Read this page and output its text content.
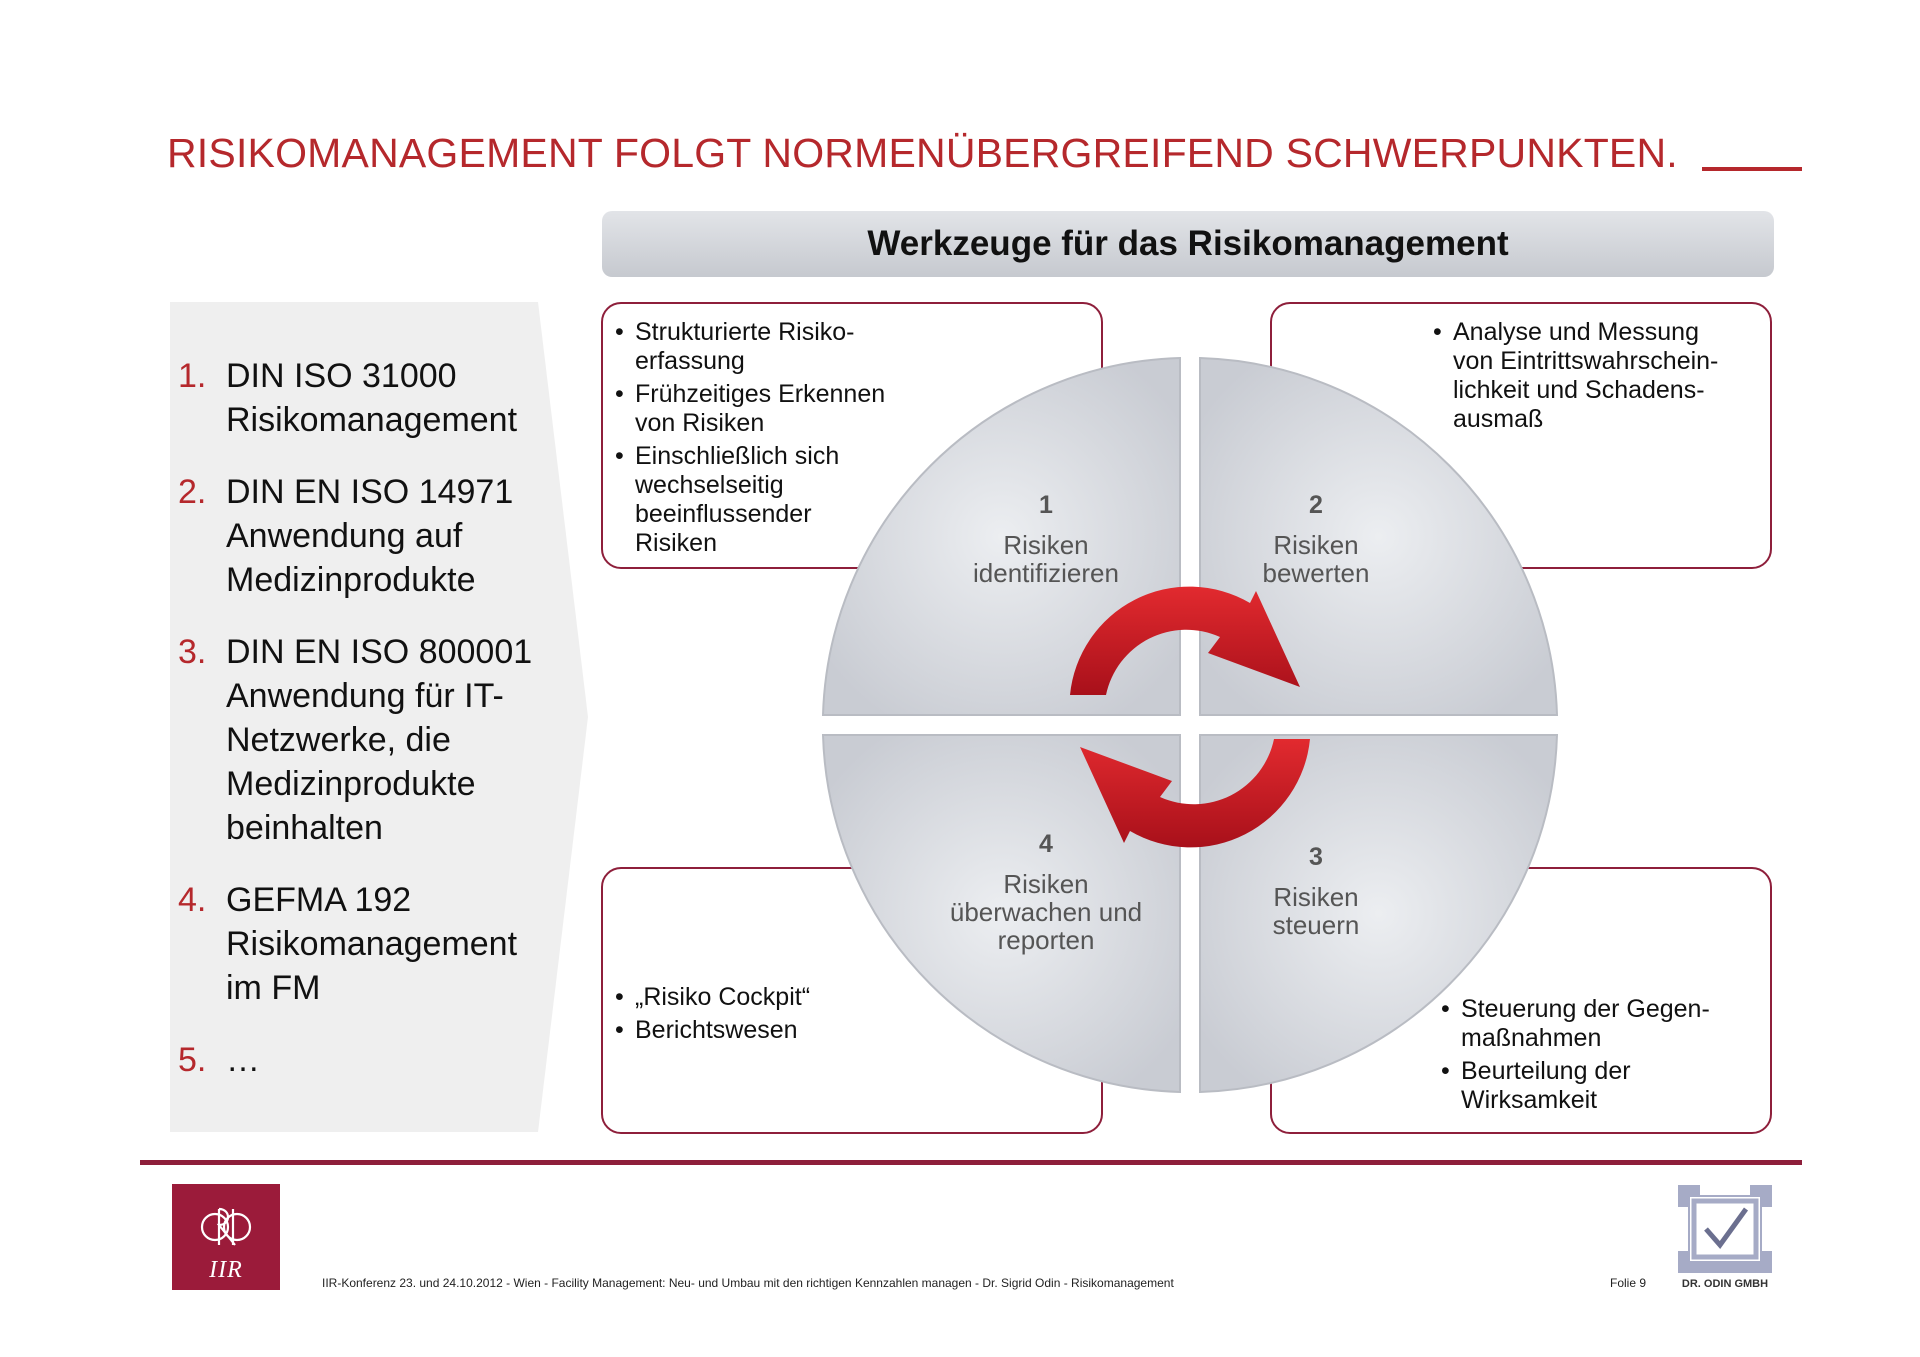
RISIKOMANAGEMENT FOLGT NORMENÜBERGREIFEND SCHWERPUNKTEN.
Werkzeuge für das Risikomanagement
1. DIN ISO 31000
Risikomanagement
2. DIN EN ISO 14971
Anwendung auf
Medizinprodukte
3. DIN EN ISO 800001
Anwendung für IT-
Netzwerke, die
Medizinprodukte
beinhalten
4. GEFMA 192
Risikomanagement
im FM
5. …
1
Risiken
identifizieren
2
Risiken
bewerten
3
Risiken
steuern
4
Risiken
überwachen und
reporten
• Strukturierte Risiko-
erfassung
• Frühzeitiges Erkennen
von Risiken
• Einschließlich sich
wechselseitig
beeinflussender
Risiken
• Analyse und Messung
von Eintrittswahrschein-
lichkeit und Schadens-
ausmaß
• „Risiko Cockpit“
• Berichtswesen
• Steuerung der Gegen-
maßnahmen
• Beurteilung der
Wirksamkeit
IIR	IIR-Konferenz 23. und 24.10.2012 - Wien - Facility Management: Neu- und Umbau mit den richtigen Kennzahlen managen - Dr. Sigrid Odin - Risikomanagement	Folie 9	DR. ODIN GMBH
